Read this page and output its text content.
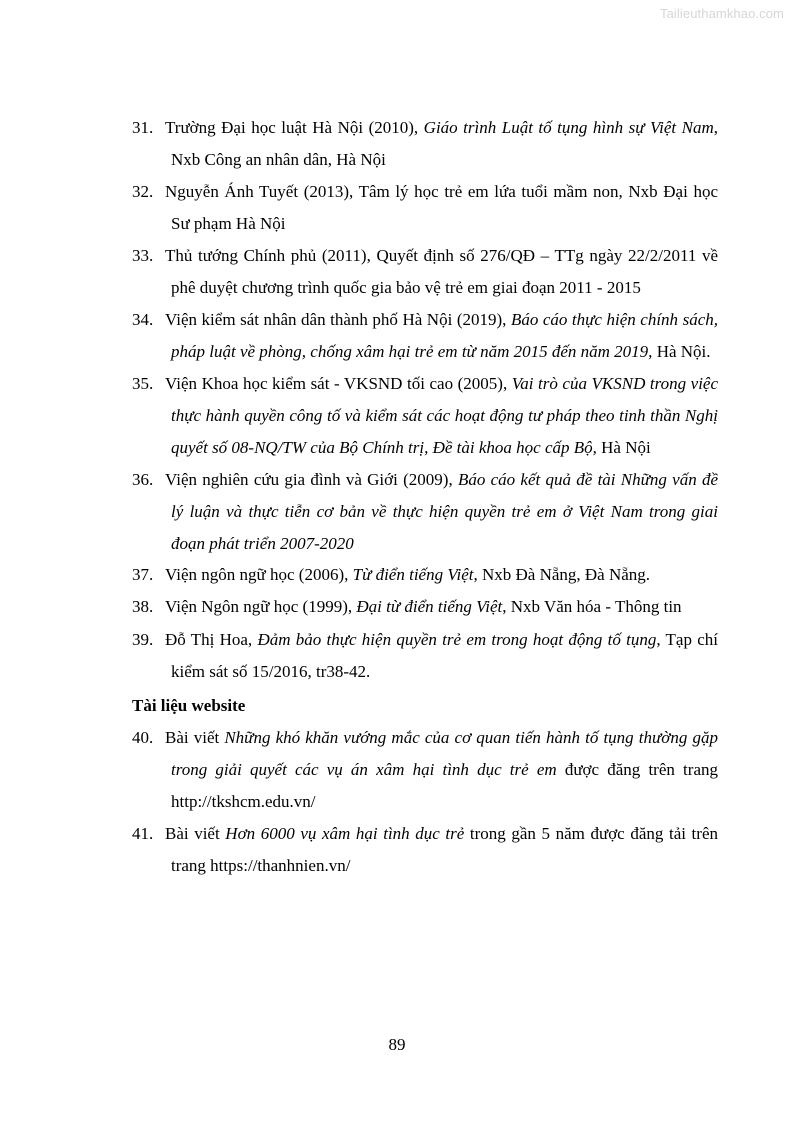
Tailieuthamkhao.com
31. Trường Đại học luật Hà Nội (2010), Giáo trình Luật tố tụng hình sự Việt Nam, Nxb Công an nhân dân, Hà Nội
32. Nguyễn Ánh Tuyết (2013), Tâm lý học trẻ em lứa tuổi mầm non, Nxb Đại học Sư phạm Hà Nội
33. Thủ tướng Chính phủ (2011), Quyết định số 276/QĐ – TTg ngày 22/2/2011 về phê duyệt chương trình quốc gia bảo vệ trẻ em giai đoạn 2011 - 2015
34. Viện kiểm sát nhân dân thành phố Hà Nội (2019), Báo cáo thực hiện chính sách, pháp luật về phòng, chống xâm hại trẻ em từ năm 2015 đến năm 2019, Hà Nội.
35. Viện Khoa học kiểm sát - VKSND tối cao (2005), Vai trò của VKSND trong việc thực hành quyền công tố và kiểm sát các hoạt động tư pháp theo tinh thần Nghị quyết số 08-NQ/TW của Bộ Chính trị, Đề tài khoa học cấp Bộ, Hà Nội
36. Viện nghiên cứu gia đình và Giới (2009), Báo cáo kết quả đề tài Những vấn đề lý luận và thực tiễn cơ bản về thực hiện quyền trẻ em ở Việt Nam trong giai đoạn phát triển 2007-2020
37. Viện ngôn ngữ học (2006), Từ điển tiếng Việt, Nxb Đà Nẵng, Đà Nẵng.
38. Viện Ngôn ngữ học (1999), Đại từ điển tiếng Việt, Nxb Văn hóa - Thông tin
39. Đỗ Thị Hoa, Đảm bảo thực hiện quyền trẻ em trong hoạt động tố tụng, Tạp chí kiểm sát số 15/2016, tr38-42.
Tài liệu website
40. Bài viết Những khó khăn vướng mắc của cơ quan tiến hành tố tụng thường gặp trong giải quyết các vụ án xâm hại tình dục trẻ em được đăng trên trang http://tkshcm.edu.vn/
41. Bài viết Hơn 6000 vụ xâm hại tình dục trẻ trong gần 5 năm được đăng tải trên trang https://thanhnien.vn/
89
